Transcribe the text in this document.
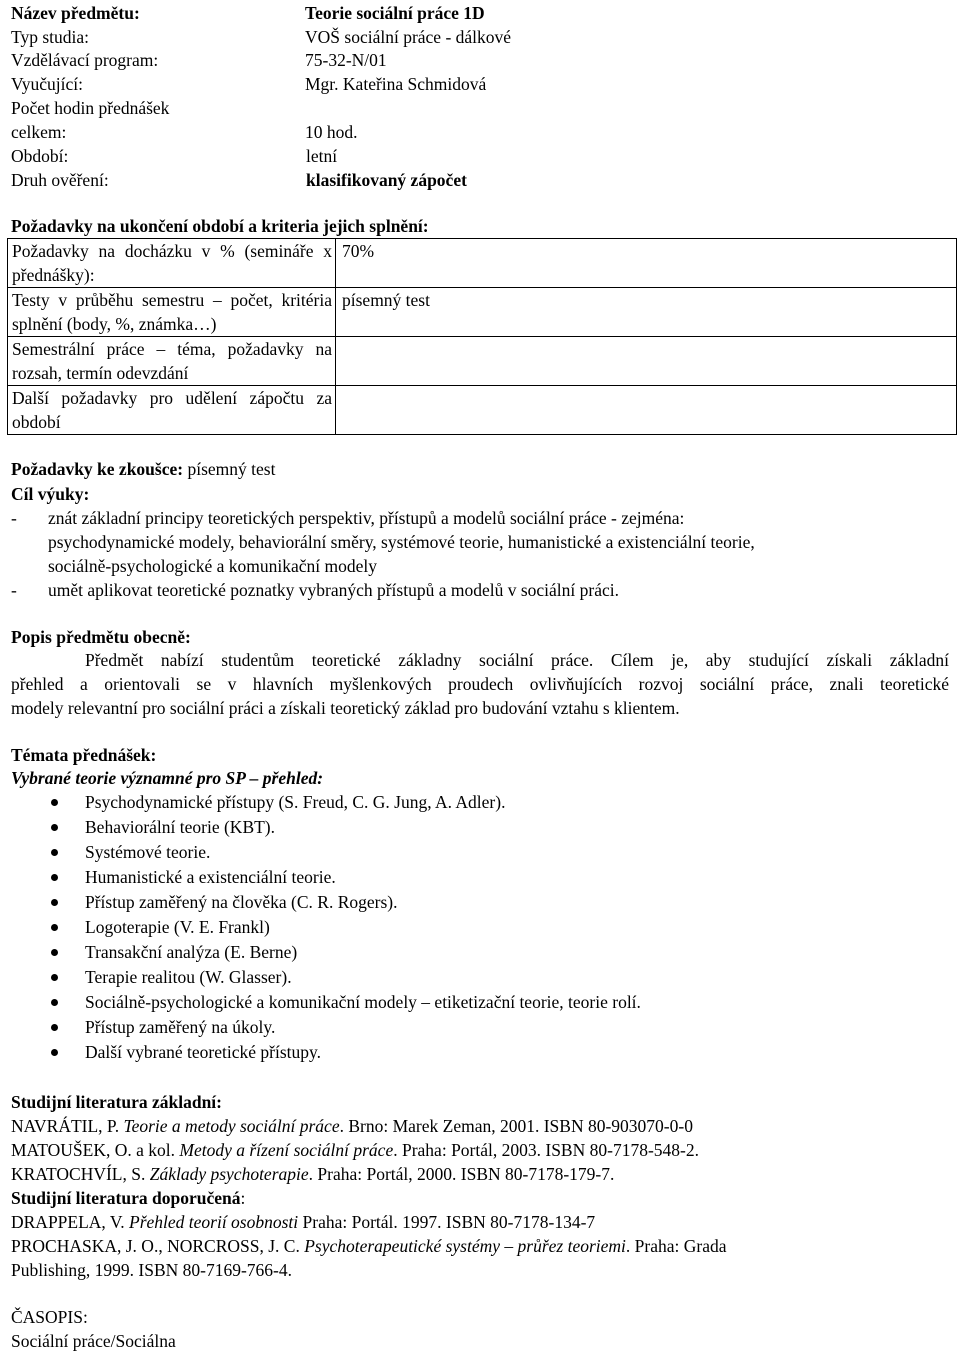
Název předmětu:	Teorie sociální práce 1D
Typ studia:	VOŠ sociální práce - dálkové
Vzdělávací program:	75-32-N/01
Vyučující:	Mgr. Kateřina Schmidová
Počet hodin přednášek
celkem:	10 hod.
Období:	letní
Druh ověření:	klasifikovaný zápočet
Požadavky na ukončení období a kriteria jejich splnění:
Požadavky na docházku v % (semináře x přednášky):	70%
Testy v průběhu semestru – počet, kritéria splnění (body, %, známka…)	písemný test
Semestrální práce – téma, požadavky na rozsah, termín odevzdání	
Další požadavky pro udělení zápočtu za období	
Požadavky ke zkoušce: písemný test
Cíl výuky:
- znát základní principy teoretických perspektiv, přístupů a modelů sociální práce - zejména:
psychodynamické modely, behaviorální směry, systémové teorie, humanistické a existenciální teorie,
sociálně-psychologické a komunikační modely
- umět aplikovat teoretické poznatky vybraných přístupů a modelů v sociální práci.
Popis předmětu obecně:
Předmět nabízí studentům teoretické základny sociální práce. Cílem je, aby studující získali základní
přehled a orientovali se v hlavních myšlenkových proudech ovlivňujících rozvoj sociální práce, znali teoretické
modely relevantní pro sociální práci a získali teoretický základ pro budování vztahu s klientem.
Témata přednášek:
Vybrané teorie významné pro SP – přehled:
Psychodynamické přístupy (S. Freud, C. G. Jung, A. Adler).
Behaviorální teorie (KBT).
Systémové teorie.
Humanistické a existenciální teorie.
Přístup zaměřený na člověka (C. R. Rogers).
Logoterapie (V. E. Frankl)
Transakční analýza (E. Berne)
Terapie realitou (W. Glasser).
Sociálně-psychologické a komunikační modely – etiketizační teorie, teorie rolí.
Přístup zaměřený na úkoly.
Další vybrané teoretické přístupy.
Studijní literatura základní:
NAVRÁTIL, P. Teorie a metody sociální práce. Brno: Marek Zeman, 2001. ISBN 80-903070-0-0
MATOUŠEK, O. a kol. Metody a řízení sociální práce. Praha: Portál, 2003. ISBN 80-7178-548-2.
KRATOCHVÍL, S. Základy psychoterapie. Praha: Portál, 2000. ISBN 80-7178-179-7.
Studijní literatura doporučená:
DRAPPELA, V. Přehled teorií osobnosti Praha: Portál. 1997. ISBN 80-7178-134-7
PROCHASKA, J. O., NORCROSS, J. C. Psychoterapeutické systémy – průřez teoriemi. Praha: Grada
Publishing, 1999. ISBN 80-7169-766-4.
ČASOPIS:
Sociální práce/Sociálna
